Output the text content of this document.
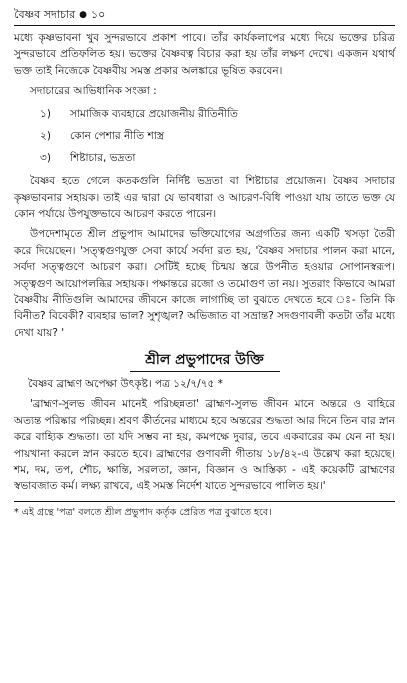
বৈষ্ণব সদাচার ● ১০

মধ্যে কৃষ্ণভাবনা খুব সুন্দরভাবে প্রকাশ পাবে। তাঁর কার্যকলাপের মধ্যে দিয়ে ভক্তের চরিত্র সুন্দরভাবে প্রতিফলিত হয়। ভক্তের বৈষ্ণবত্ব বিচার করা হয় তাঁর লক্ষণ দেখে। একজন যথার্থ ভক্ত তাই নিজেকে বৈষ্ণবীয় সমস্ত প্রকার অলঙ্কারে ভূষিত করবেন।

সদাচারের আভিধানিক সংজ্ঞা :
১)	সামাজিক ব্যবহারে প্রয়োজনীয় রীতিনীতি
২)	কোন পেশার নীতি শাস্ত্র
৩)	শিষ্টাচার, ভদ্রতা

বৈষ্ণব হতে গেলে কতকগুলি নির্দিষ্ট ভদ্রতা বা শিষ্টাচার প্রয়োজন। বৈষ্ণব সদাচার কৃষ্ণভাবনার সহায়ক। তাই এর দ্বারা যে ভাবধারা ও আচরণ-বিধি পাওয়া যায় তাতে ভক্ত যে কোন পর্যায়ে উপযুক্তভাবে আচরণ করতে পারেন।

উপদেশামৃতে শ্রীল প্রভুপাদ আমাদের ভক্তিযোগের অগ্রগতির জন্য একটি খসড়া তৈরী করে দিয়েছেন। 'সত্ত্বগুণযুক্ত সেবা কার্যে সর্বদা রত হয়, 'বৈষ্ণব সদাচার পালন করা মানে, সর্বদা সত্ত্বগুণে আচরণ করা। সেটিই হচ্ছে চিন্ময় স্তরে উপনীত হওয়ার সোপানস্বরূপ। সত্ত্বগুণ আয়োপলব্ধির সহায়ক। পক্ষান্তরে রজো ও তমোগুণ তা নয়। সুতরাং কিভাবে আমরা বৈষ্ণবীয় নীতিগুলি আমাদের জীবনে কাজে লাগাচ্ছি তা বুঝতে দেখতে হবে ঃ- তিনি কি বিনীত? বিবেকী? ব্যবহার ভাল? সুশৃঙ্খল? অভিজাত বা সভ্রান্ত? সদগুণাবলী কতটা তাঁর মধ্যে দেখা যায়? '

শ্রীল প্রভুপাদের উক্তি
বৈষ্ণব ব্রাহ্মণ অপেক্ষা উৎকৃষ্ট। পত্র ১২/৭/৭৫ *

'ব্রাহ্মণ-সুলভ জীবন মানেই পরিচ্ছন্নতা' ব্রাহ্মণ-সুলভ জীবন মানে অন্তরে ও বাহিরে অত্যন্ত পরিষ্কার পরিচ্ছন্ন। শ্রবণ কীর্তনের মাধ্যমে হবে অন্তরের শুদ্ধতা আর দিনে তিন বার স্নান করে বাহ্যিক শুদ্ধতা। তা যদি সম্ভব না হয়, কমপক্ষে দুবার, তবে একবারের কম যেন না হয়। পায়খানা করলে স্নান করতে হবে। ব্রাহ্মণের গুণাবলী গীতায় ১৮/৪২-এ উল্লেখ করা হয়েছে। শম, দম, তপ, শৌচ, ক্ষান্তি, সরলতা, জ্ঞান, বিজ্ঞান ও আস্তিক্য - এই কয়েকটি ব্রাহ্মণের স্বভাবজাত কর্ম। লক্ষ্য রাখবে, এই সমস্ত নির্দেশ যাতে সুন্দরভাবে পালিত হয়।'

* এই গ্রন্থে 'পত্র' বলতে শ্রীল প্রভুপাদ কর্তৃক প্রেরিত পত্র বুঝাতে হবে।
